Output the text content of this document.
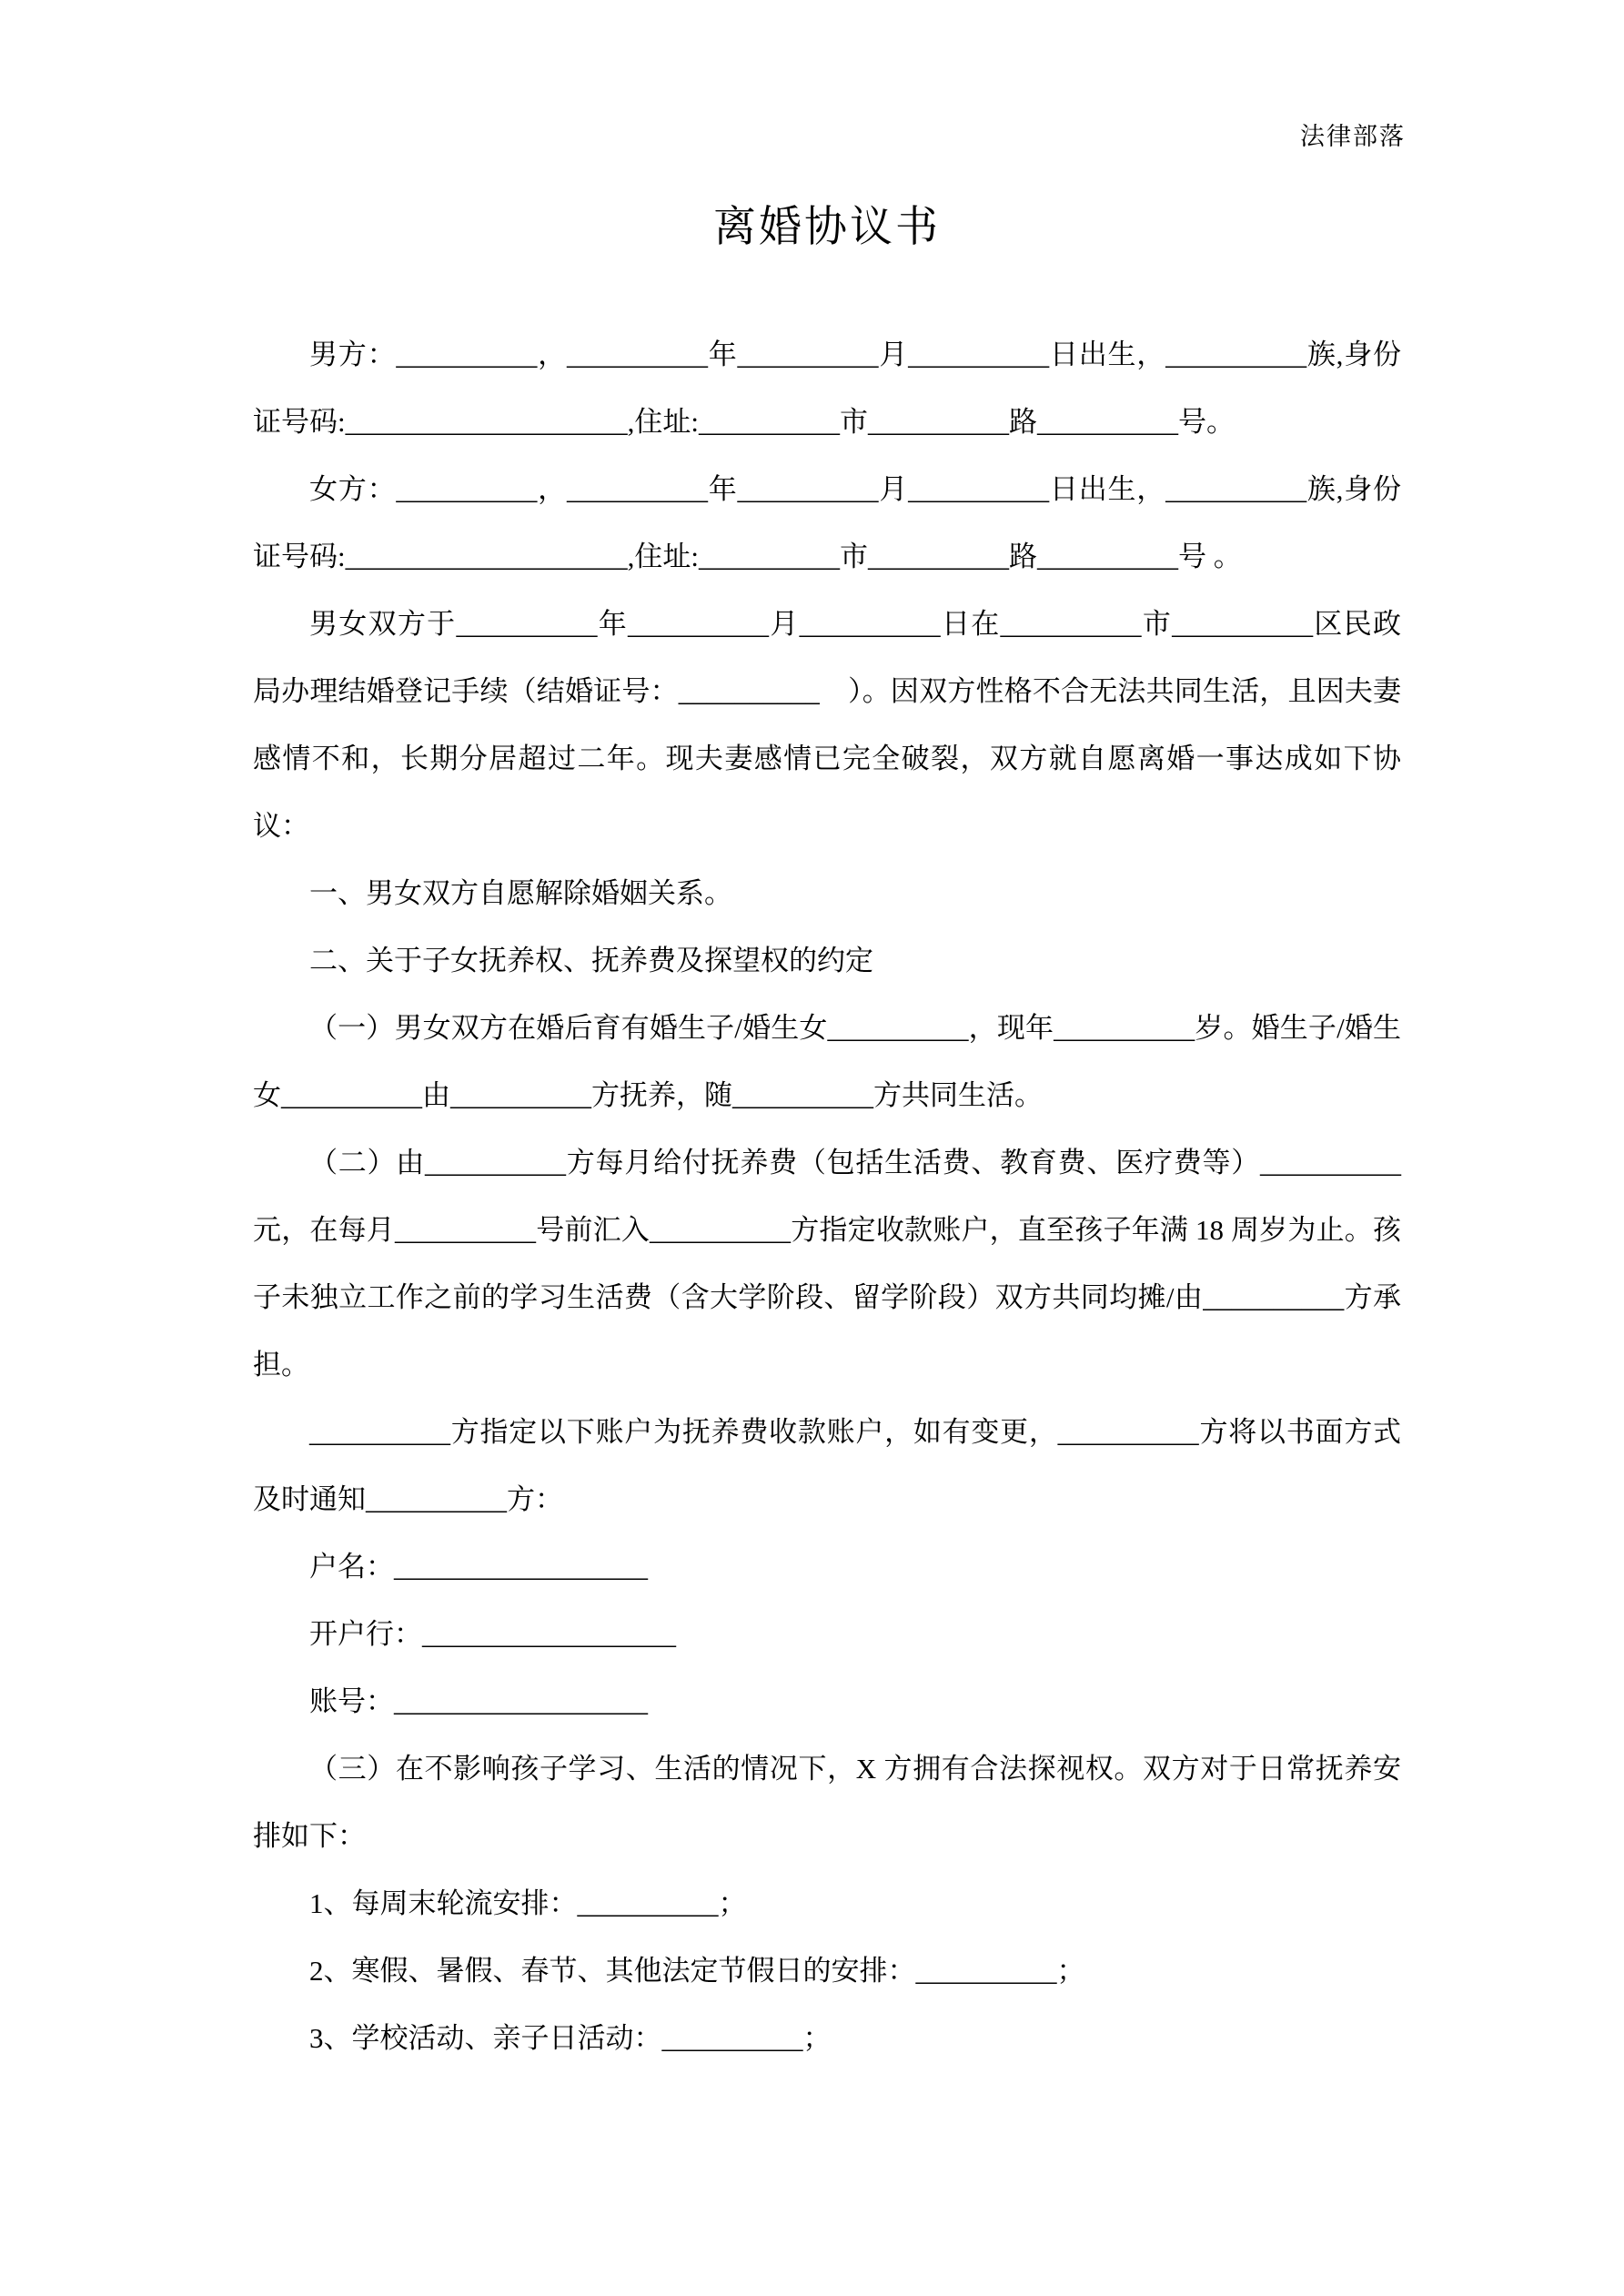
法律部落
离婚协议书

男方：__________，__________年__________月__________日出生，__________族,身份证号码:____________________,住址:__________市__________路__________号。

女方：__________，__________年__________月__________日出生，__________族,身份证号码:____________________,住址:__________市__________路__________号 。

男女双方于__________年__________月__________日在__________市__________区民政局办理结婚登记手续（结婚证号：__________　）。因双方性格不合无法共同生活，且因夫妻感情不和，长期分居超过二年。现夫妻感情已完全破裂，双方就自愿离婚一事达成如下协议：

一、男女双方自愿解除婚姻关系。

二、关于子女抚养权、抚养费及探望权的约定

（一）男女双方在婚后育有婚生子/婚生女__________，现年__________岁。婚生子/婚生女__________由__________方抚养，随__________方共同生活。

（二）由__________方每月给付抚养费（包括生活费、教育费、医疗费等）__________元，在每月__________号前汇入__________方指定收款账户，直至孩子年满 18 周岁为止。孩子未独立工作之前的学习生活费（含大学阶段、留学阶段）双方共同均摊/由__________方承担。

__________方指定以下账户为抚养费收款账户，如有变更，__________方将以书面方式及时通知__________方：

户名：__________________

开户行：__________________

账号：__________________

（三）在不影响孩子学习、生活的情况下，X 方拥有合法探视权。双方对于日常抚养安排如下：

1、每周末轮流安排：__________；

2、寒假、暑假、春节、其他法定节假日的安排：__________；

3、学校活动、亲子日活动：__________；
